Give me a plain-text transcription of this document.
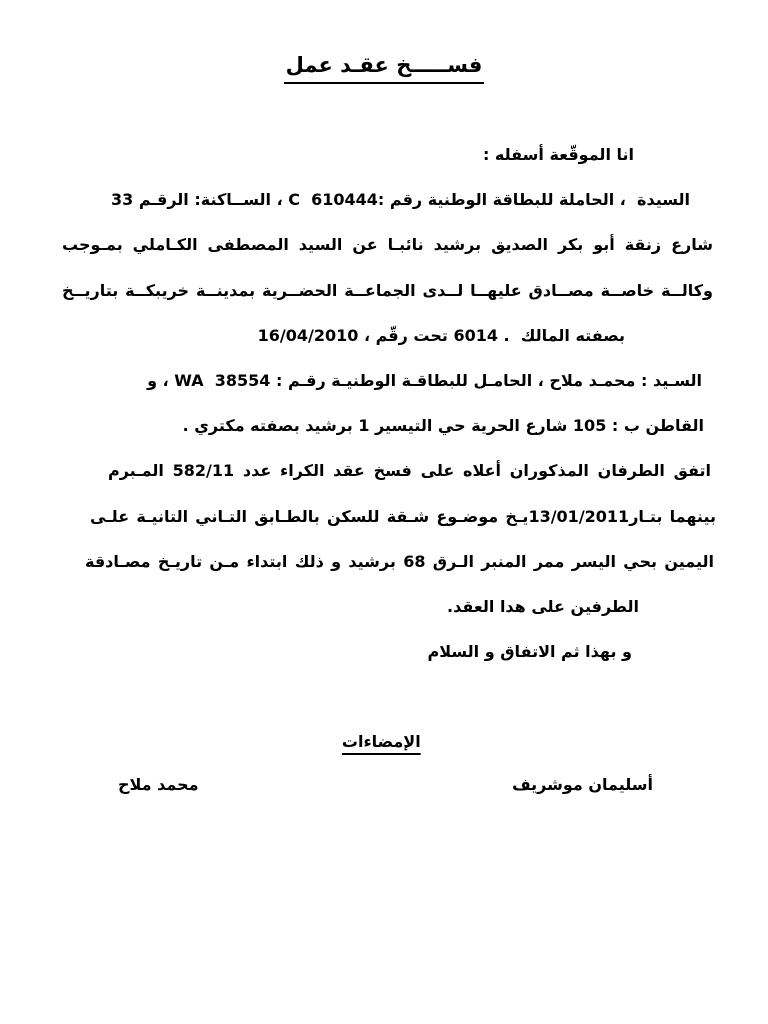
فســـــخ عقـد عمل
انا الموقّعة أسفله :
السيدة  ، الحاملة للبطاقة الوطنية رقم :C  610444 ، الســاكنة: الرقـم 33
شارع زنقة أبو بكر الصديق برشيد نائبـا عن السيد المصطفى الكـاملي بمـوجب
وكالــة خاصــة مصــادق عليهــا لــدى الجماعــة الحضــرية بمدينــة خريبكــة بتاريــخ
بصفته المالك  . 6014 تحت رقّم ، 16/04/2010
السـيد : محمـد ملاح ، الحامـل للبطاقـة الوطنيـة رقـم : WA  38554 ، و
القاطن ب : 105 شارع الحرية حي التيسير 1 برشيد بصفته مكتري .
اتفق الطرفان المذكوران أعلاه على فسخ عقد الكراء عدد 582/11 المـبرم
بينهما بتـار13/01/2011يـخ موضـوع شـقة للسكن بالطـابق التـاني التانيـة علـى
اليمين بحي اليسر ممر المنبر الـرق 68 برشيد و ذلك ابتداء مـن تاريـخ مصـادقة
الطرفين على هدا العقد.
و بهذا ثم الاتفاق و السلام

الإمضاءات

أسليمان موشريف
محمد ملاح
